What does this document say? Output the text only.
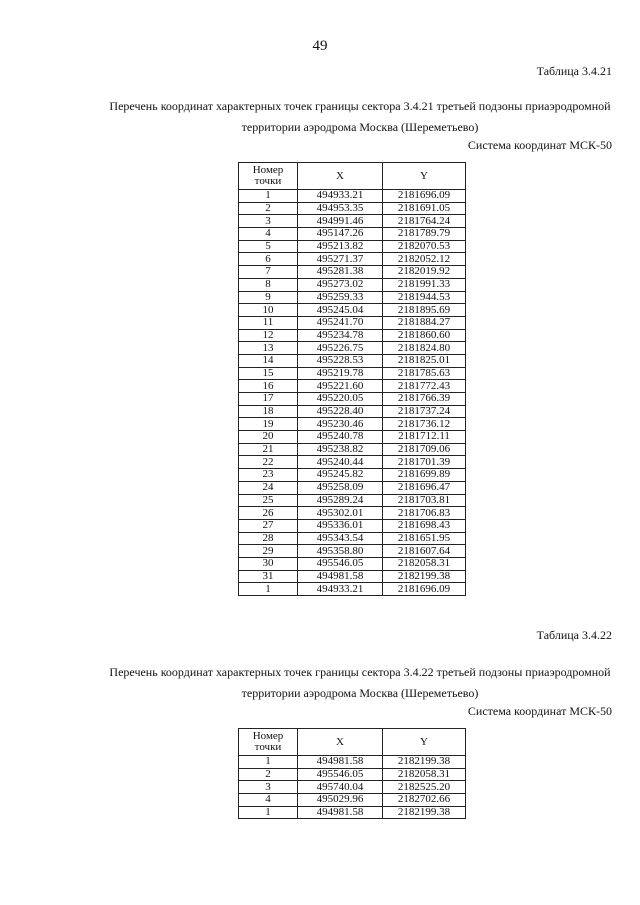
49
Таблица 3.4.21
Перечень координат характерных точек границы сектора 3.4.21 третьей подзоны приаэродромной
территории аэродрома Москва (Шереметьево)
Система координат МСК-50
Номер
точки	X	Y
1	494933.21	2181696.09
2	494953.35	2181691.05
3	494991.46	2181764.24
4	495147.26	2181789.79
5	495213.82	2182070.53
6	495271.37	2182052.12
7	495281.38	2182019.92
8	495273.02	2181991.33
9	495259.33	2181944.53
10	495245.04	2181895.69
11	495241.70	2181884.27
12	495234.78	2181860.60
13	495226.75	2181824.80
14	495228.53	2181825.01
15	495219.78	2181785.63
16	495221.60	2181772.43
17	495220.05	2181766.39
18	495228.40	2181737.24
19	495230.46	2181736.12
20	495240.78	2181712.11
21	495238.82	2181709.06
22	495240.44	2181701.39
23	495245.82	2181699.89
24	495258.09	2181696.47
25	495289.24	2181703.81
26	495302.01	2181706.83
27	495336.01	2181698.43
28	495343.54	2181651.95
29	495358.80	2181607.64
30	495546.05	2182058.31
31	494981.58	2182199.38
1	494933.21	2181696.09
Таблица 3.4.22
Перечень координат характерных точек границы сектора 3.4.22 третьей подзоны приаэродромной
территории аэродрома Москва (Шереметьево)
Система координат МСК-50
Номер
точки	X	Y
1	494981.58	2182199.38
2	495546.05	2182058.31
3	495740.04	2182525.20
4	495029.96	2182702.66
1	494981.58	2182199.38
